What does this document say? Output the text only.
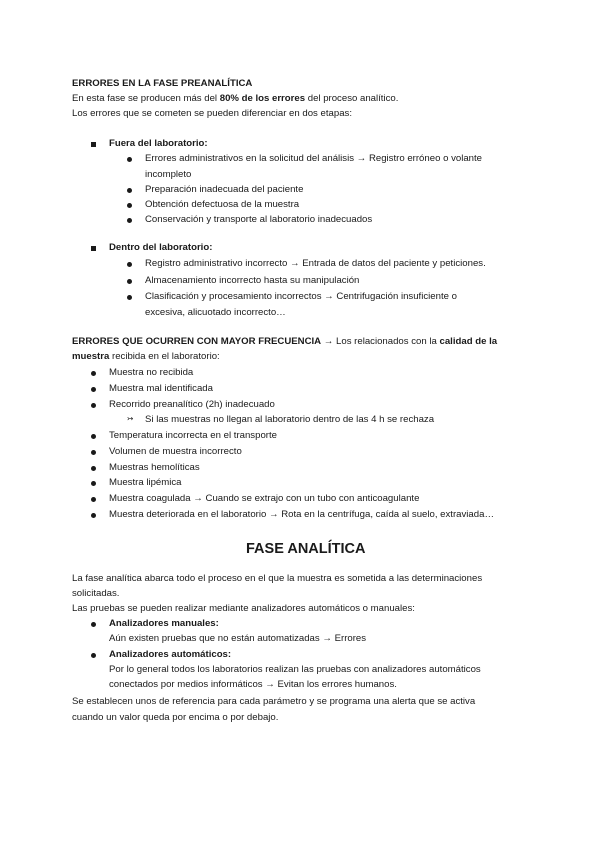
ERRORES EN LA FASE PREANALÍTICA
En esta fase se producen más del 80% de los errores del proceso analítico.
Los errores que se cometen se pueden diferenciar en dos etapas:
Fuera del laboratorio:
Errores administrativos en la solicitud del análisis → Registro erróneo o volante
incompleto
Preparación inadecuada del paciente
Obtención defectuosa de la muestra
Conservación y transporte al laboratorio inadecuados
Dentro del laboratorio:
Registro administrativo incorrecto → Entrada de datos del paciente y peticiones.
Almacenamiento incorrecto hasta su manipulación
Clasificación y procesamiento incorrectos → Centrifugación insuficiente o
excesiva, alicuotado incorrecto…
ERRORES QUE OCURREN CON MAYOR FRECUENCIA → Los relacionados con la calidad de la
muestra recibida en el laboratorio:
Muestra no recibida
Muestra mal identificada
Recorrido preanalítico (2h) inadecuado
↣ Si las muestras no llegan al laboratorio dentro de las 4 h se rechaza
Temperatura incorrecta en el transporte
Volumen de muestra incorrecto
Muestras hemolíticas
Muestra lipémica
Muestra coagulada → Cuando se extrajo con un tubo con anticoagulante
Muestra deteriorada en el laboratorio → Rota en la centrífuga, caída al suelo, extraviada…
FASE ANALÍTICA
La fase analítica abarca todo el proceso en el que la muestra es sometida a las determinaciones
solicitadas.
Las pruebas se pueden realizar mediante analizadores automáticos o manuales:
Analizadores manuales:
Aún existen pruebas que no están automatizadas → Errores
Analizadores automáticos:
Por lo general todos los laboratorios realizan las pruebas con analizadores automáticos
conectados por medios informáticos → Evitan los errores humanos.
Se establecen unos de referencia para cada parámetro y se programa una alerta que se activa
cuando un valor queda por encima o por debajo.
